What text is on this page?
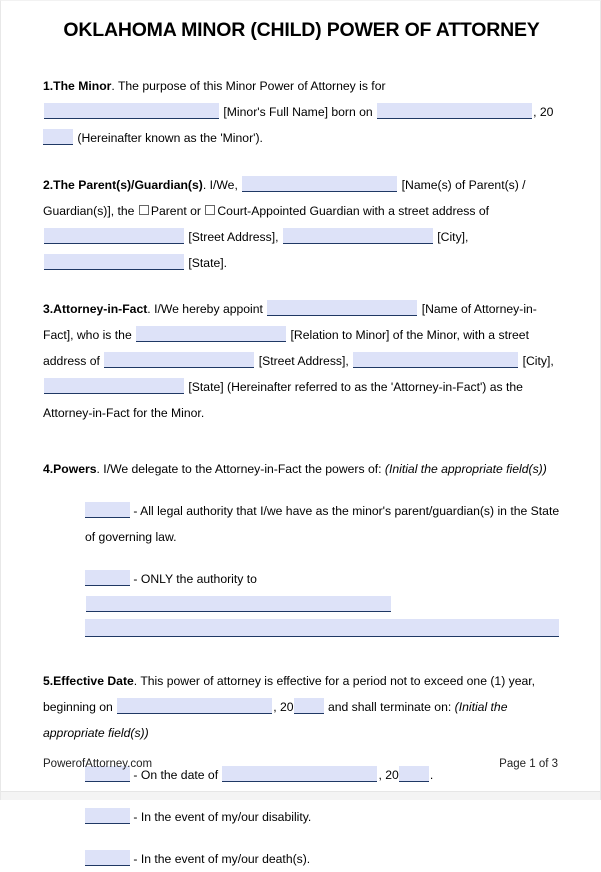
OKLAHOMA MINOR (CHILD) POWER OF ATTORNEY
1.The Minor. The purpose of this Minor Power of Attorney is for  [Minor's Full Name] born on	, 20 (Hereinafter known as the 'Minor').
2.The Parent(s)/Guardian(s). I/We,	[Name(s) of Parent(s) / Guardian(s)], the Parent or Court-Appointed Guardian with a street address of  [Street Address],	[City],  [State].
3.Attorney-in-Fact. I/We hereby appoint	[Name of Attorney-in-Fact], who is the	[Relation to Minor] of the Minor, with a street address of	[Street Address],	[City],  [State] (Hereinafter referred to as the 'Attorney-in-Fact') as the Attorney-in-Fact for the Minor.
4.Powers. I/We delegate to the Attorney-in-Fact the powers of: (Initial the appropriate field(s))
- All legal authority that I/we have as the minor's parent/guardian(s) in the State of governing law.
- ONLY the authority to
5.Effective Date. This power of attorney is effective for a period not to exceed one (1) year, beginning on	, 20	and shall terminate on: (Initial the appropriate field(s))
- On the date of	, 20	.
- In the event of my/our disability.
- In the event of my/our death(s).
PowerofAttorney.com	Page 1 of 3
